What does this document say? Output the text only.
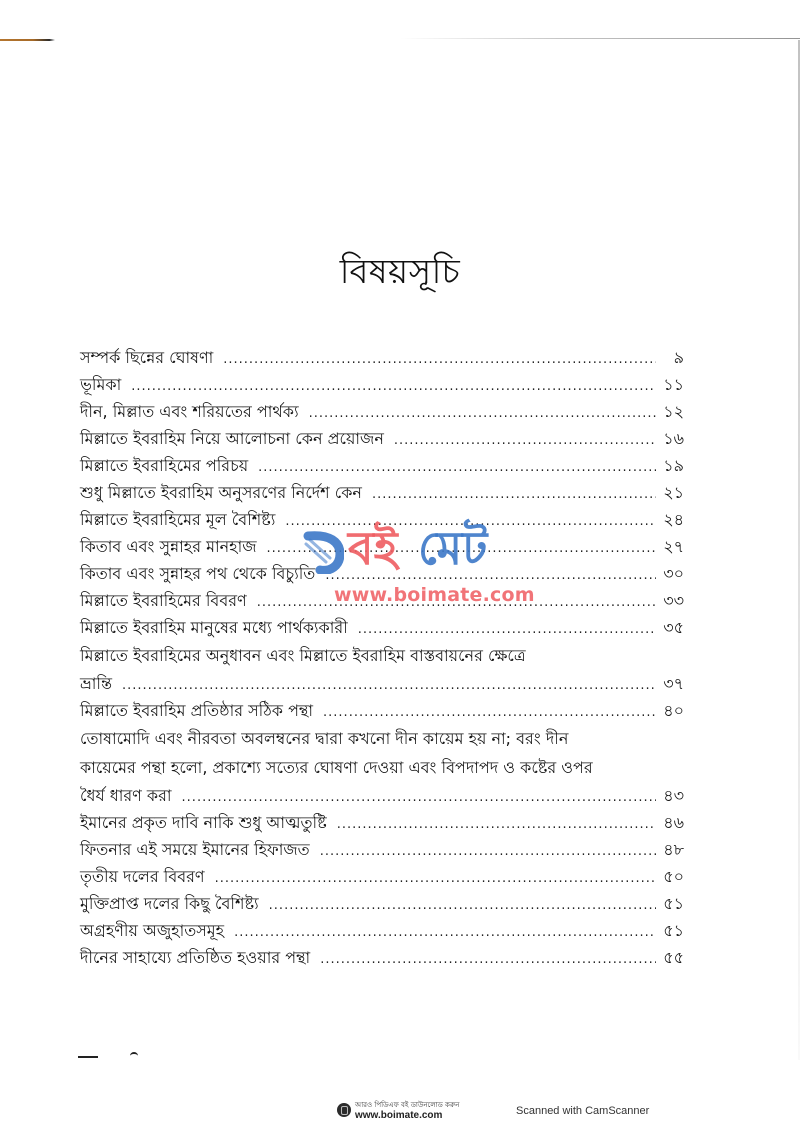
বিষয়সূচি
সম্পর্ক ছিন্নের ঘোষণা .....	৯
ভূমিকা .....	১১
দীন, মিল্লাত এবং শরিয়তের পার্থক্য .....	১২
মিল্লাতে ইবরাহিম নিয়ে আলোচনা কেন প্রয়োজন .....	১৬
মিল্লাতে ইবরাহিমের পরিচয় .....	১৯
শুধু মিল্লাতে ইবরাহিম অনুসরণের নির্দেশ কেন .....	২১
মিল্লাতে ইবরাহিমের মূল বৈশিষ্ট্য .....	২৪
কিতাব এবং সুন্নাহর মানহাজ .....	২৭
কিতাব এবং সুন্নাহর পথ থেকে বিচ্যুতি .....	৩০
মিল্লাতে ইবরাহিমের বিবরণ .....	৩৩
মিল্লাতে ইবরাহিম মানুষের মধ্যে পার্থক্যকারী .....	৩৫
মিল্লাতে ইবরাহিমের অনুধাবন এবং মিল্লাতে ইবরাহিম বাস্তবায়নের ক্ষেত্রে
ভ্রান্তি .....	৩৭
মিল্লাতে ইবরাহিম প্রতিষ্ঠার সঠিক পন্থা .....	৪০
তোষামোদি এবং নীরবতা অবলম্বনের দ্বারা কখনো দীন কায়েম হয় না; বরং দীন
কায়েমের পন্থা হলো, প্রকাশ্যে সত্যের ঘোষণা দেওয়া এবং বিপদাপদ ও কষ্টের ওপর
ধৈর্য ধারণ করা .....	৪৩
ইমানের প্রকৃত দাবি নাকি শুধু আত্মতুষ্টি .....	৪৬
ফিতনার এই সময়ে ইমানের হিফাজত .....	৪৮
তৃতীয় দলের বিবরণ .....	৫০
মুক্তিপ্রাপ্ত দলের কিছু বৈশিষ্ট্য .....	৫১
অগ্রহণীয় অজুহাতসমূহ .....	৫১
দীনের সাহায্যে প্রতিষ্ঠিত হওয়ার পন্থা .....	৫৫
বই মেট
www.boimate.com
আরও পিডিএফ বই ডাউনলোড করুন
www.boimate.com	Scanned with CamScanner
